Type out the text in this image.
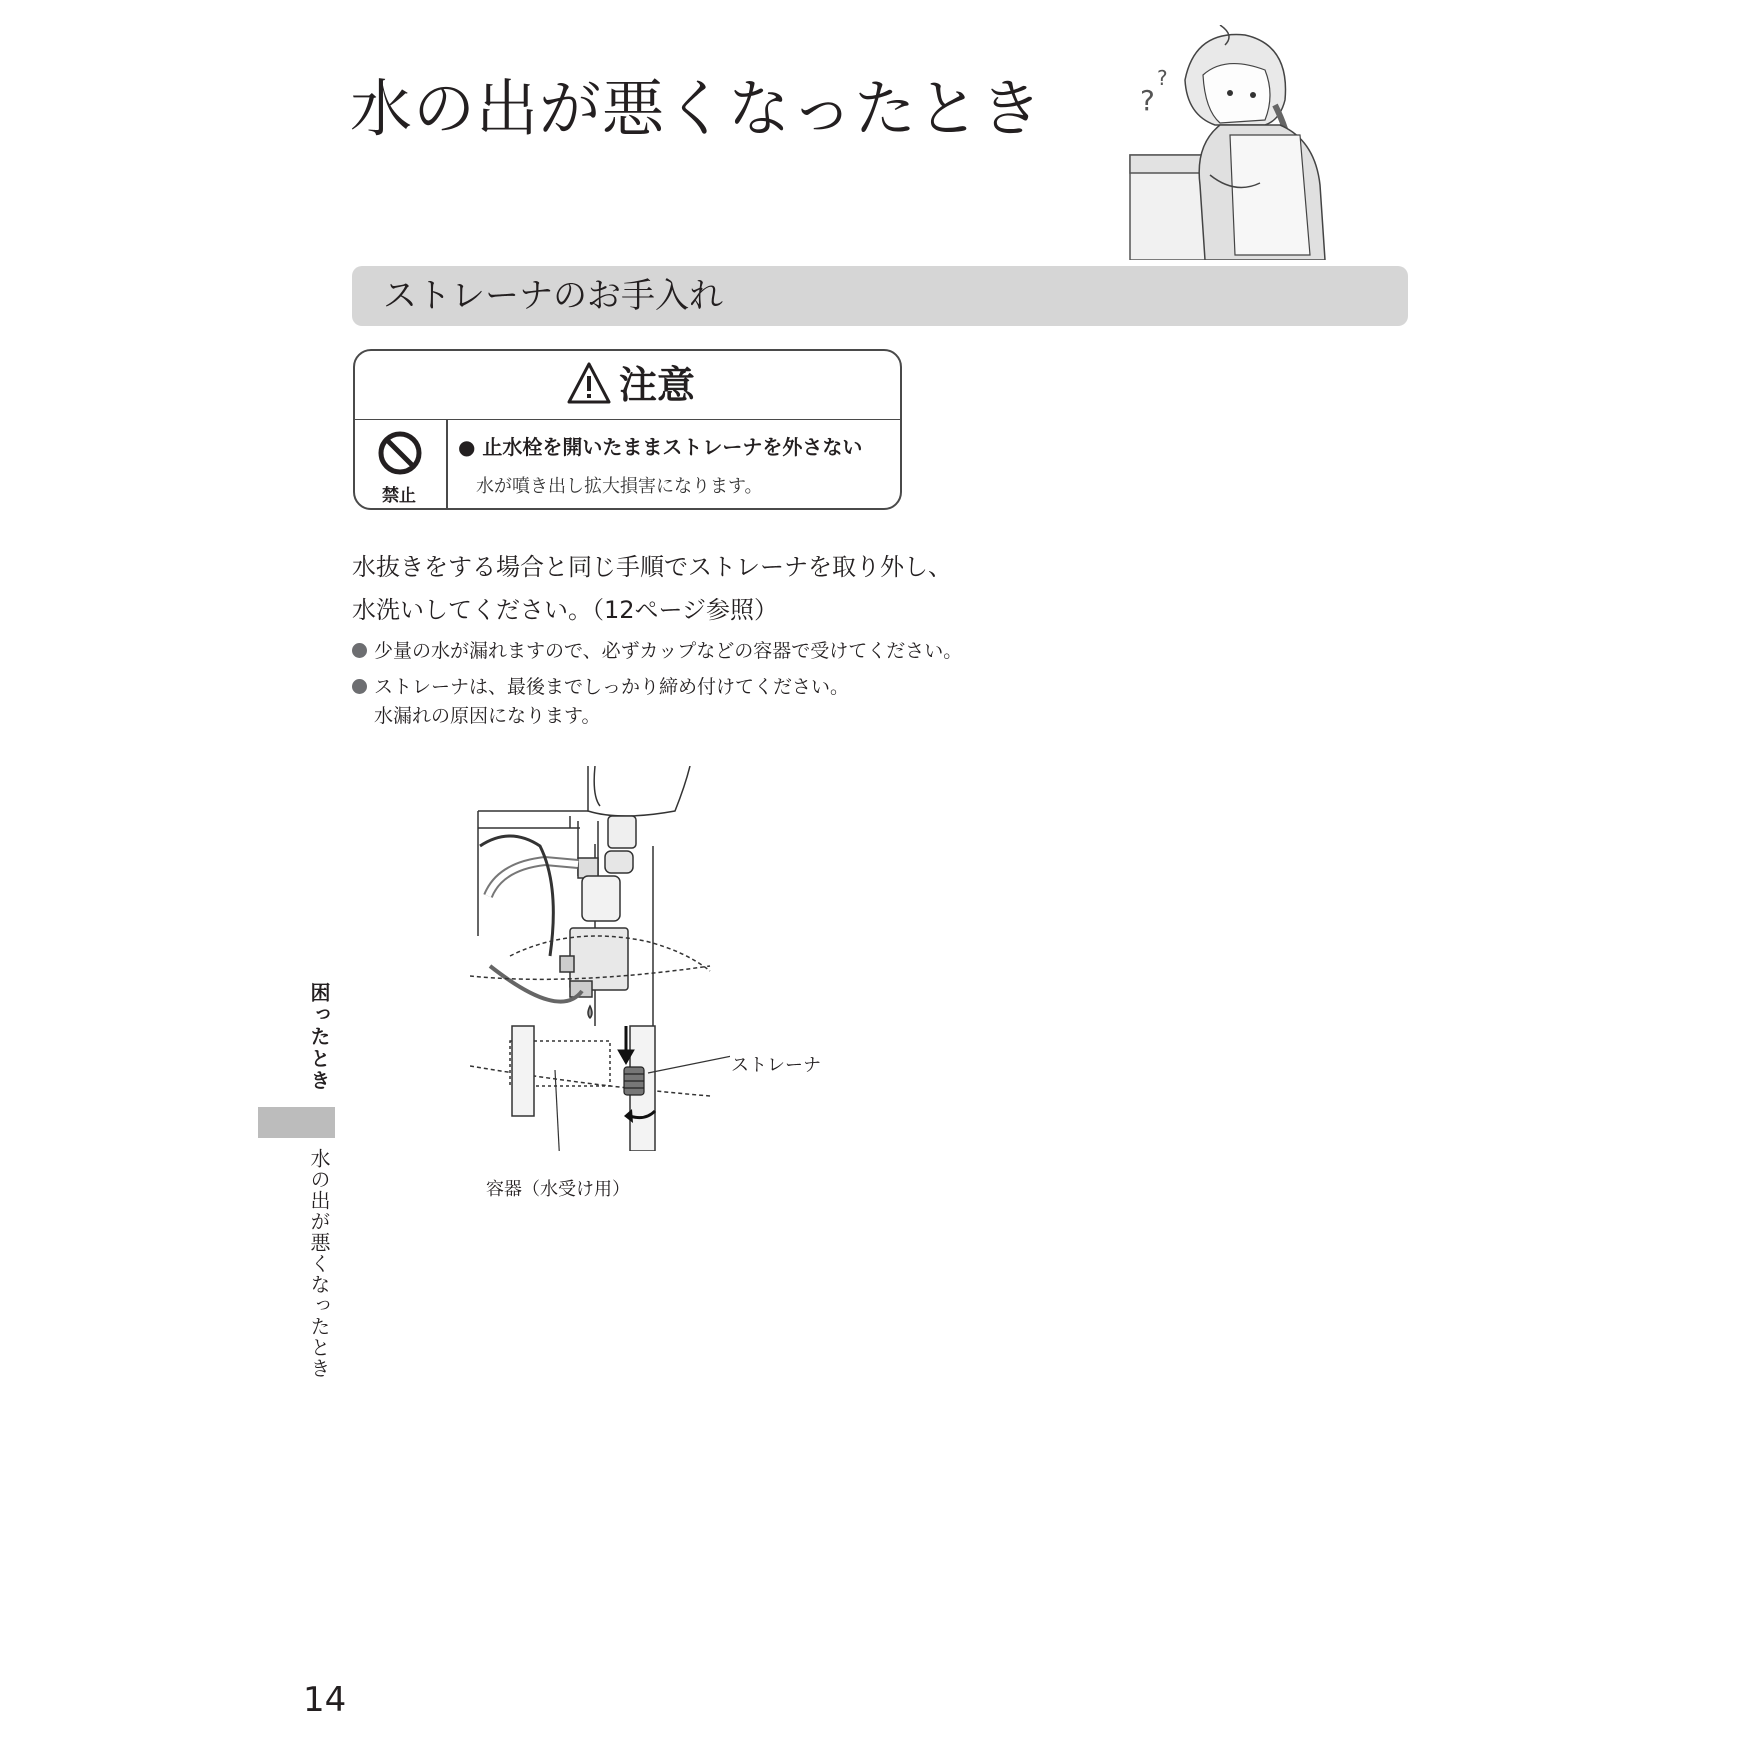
水の出が悪くなったとき	?
?
ストレーナのお手入れ
注意
禁止
● 止水栓を開いたままストレーナを外さない
水が噴き出し拡大損害になります。
水抜きをする場合と同じ手順でストレーナを取り外し、
水洗いしてください。（12ページ参照）
少量の水が漏れますので、必ずカップなどの容器で受けてください。
ストレーナは、最後までしっかり締め付けてください。
水漏れの原因になります。
ストレーナ
容器（水受け用）
困ったとき
水の出が悪くなったとき
14
